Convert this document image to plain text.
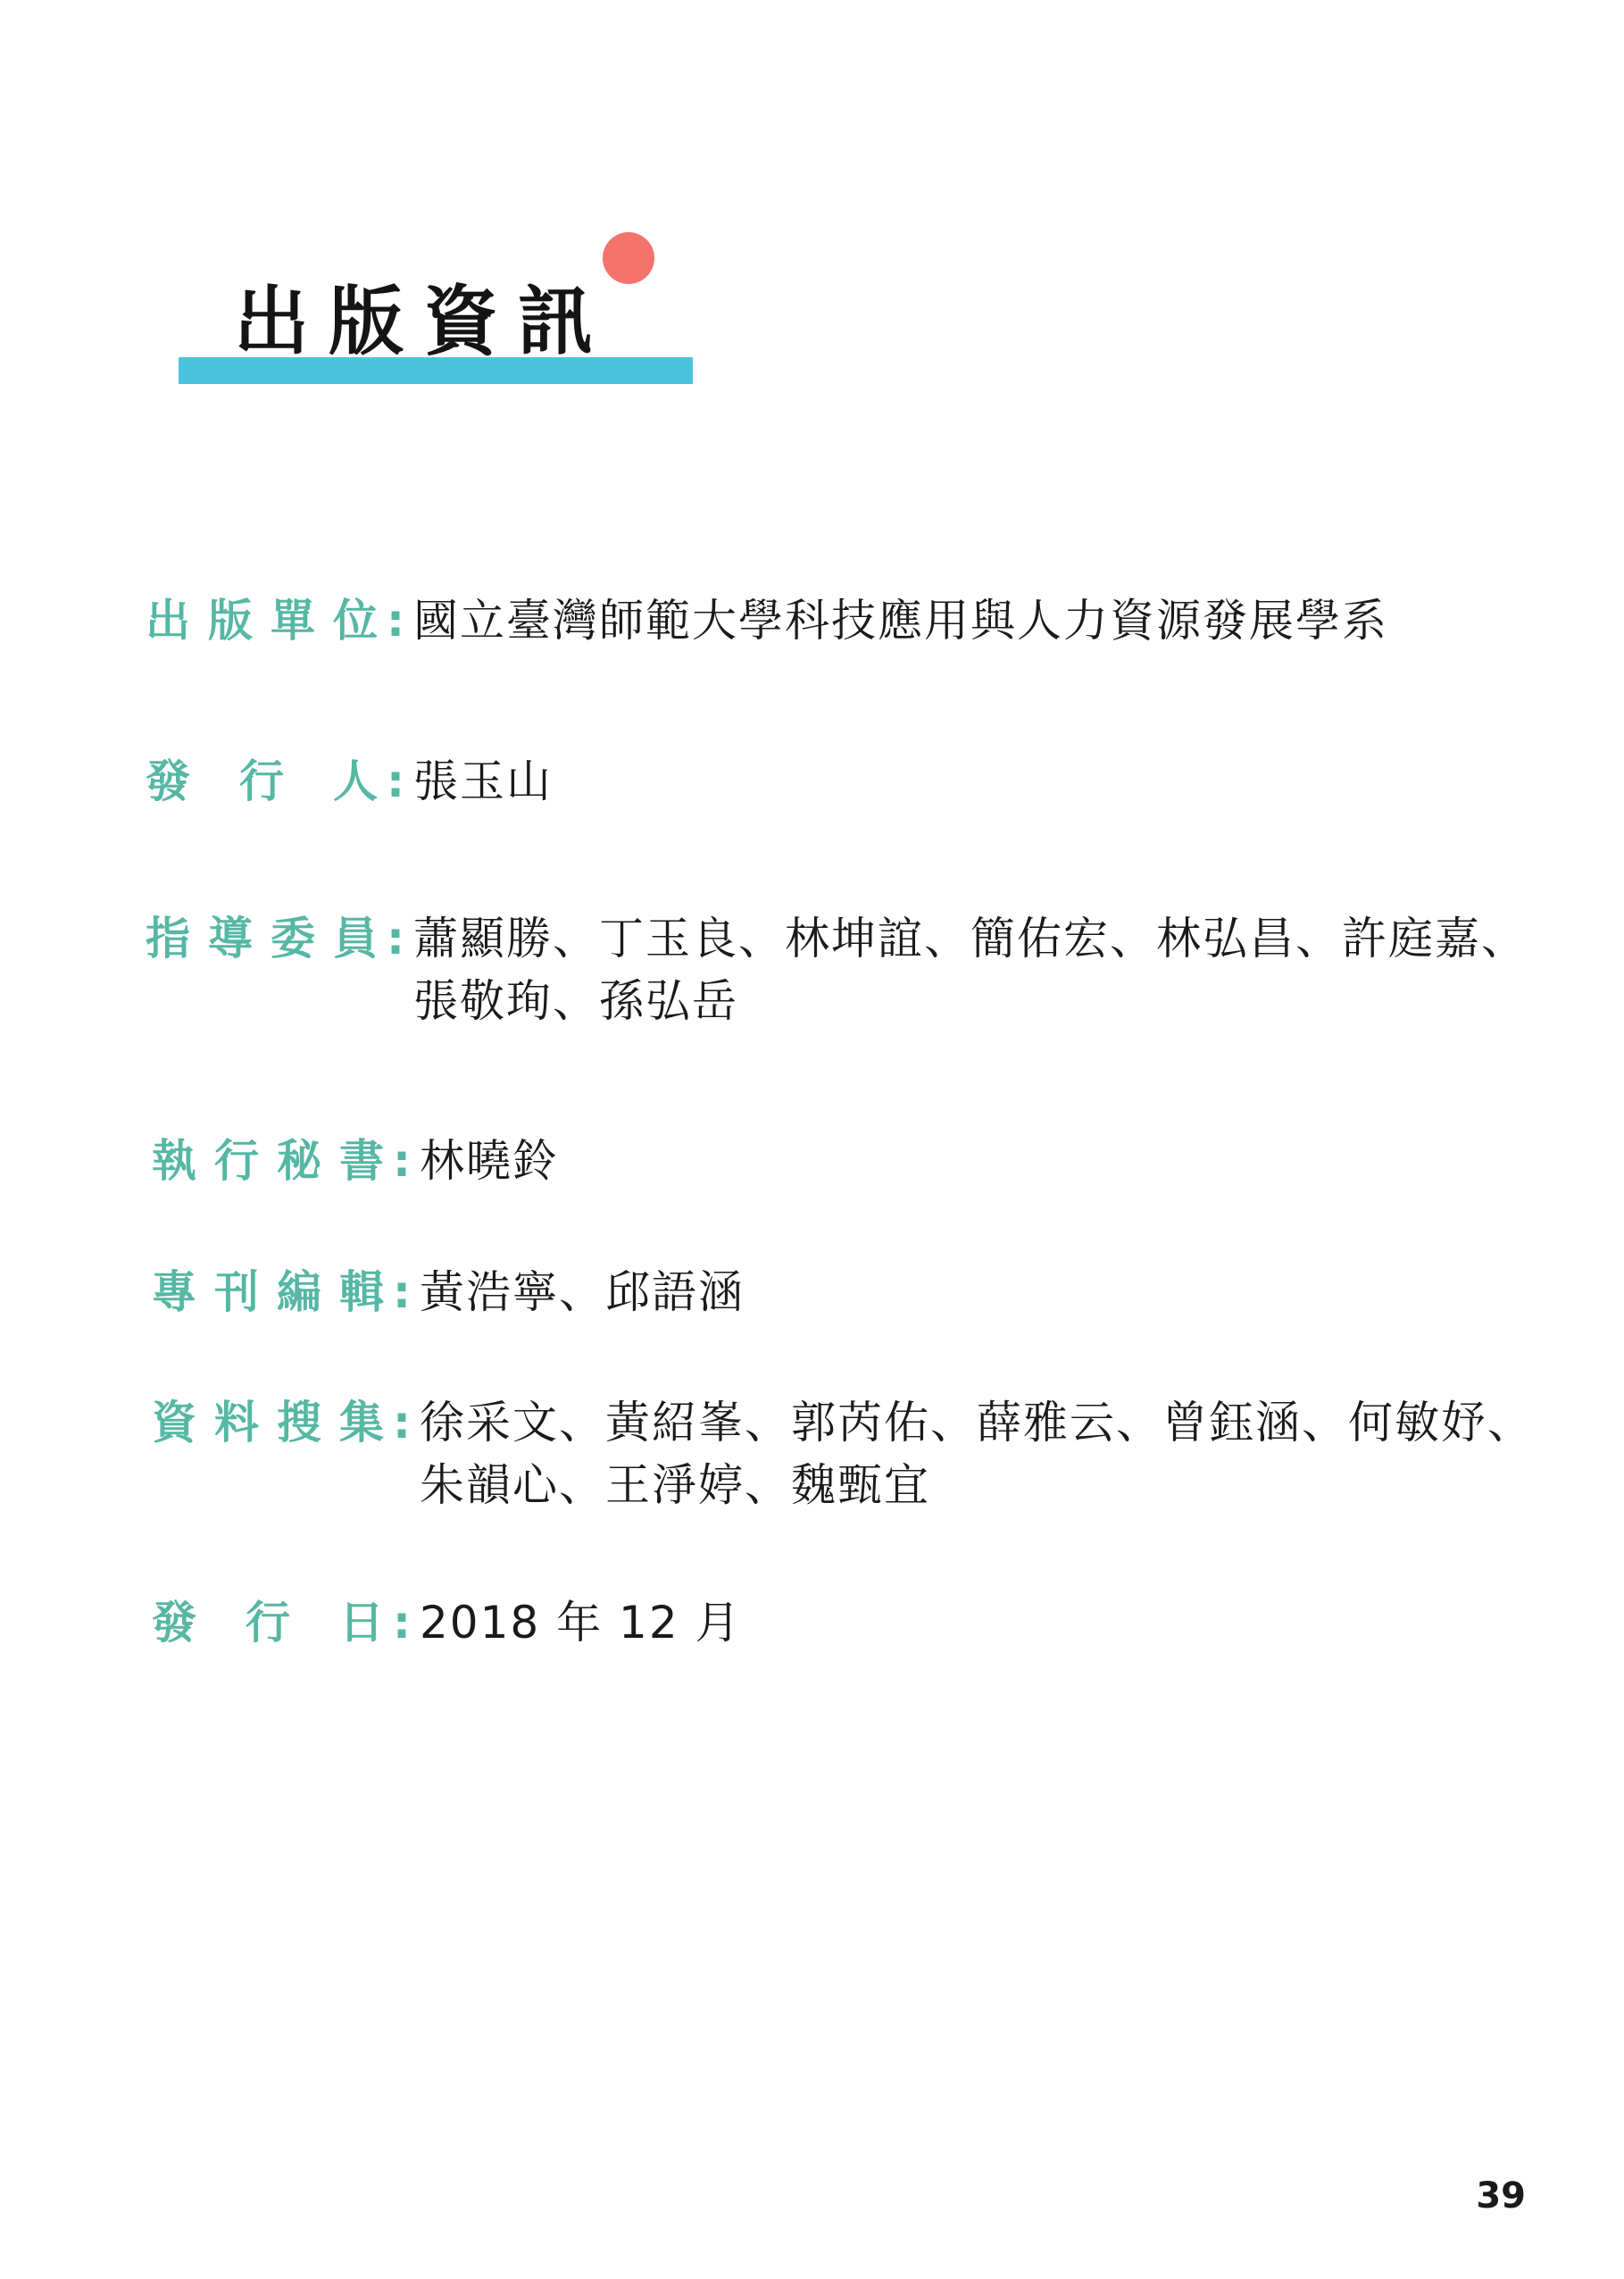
出版資訊
出版單位 : 國立臺灣師範大學科技應用與人力資源發展學系
發行人 : 張玉山
指導委員 : 蕭顯勝、丁玉良、林坤誼、簡佑宏、林弘昌、許庭嘉、
張敬珣、孫弘岳
執行秘書 : 林曉鈴
專刊編輯 : 黃浩寧、邱語涵
資料搜集 : 徐采文、黃紹峯、郭芮佑、薛雅云、曾鈺涵、何敏妤、
朱韻心、王淨婷、魏甄宜
發行日 : 2018 年 12 月
39
